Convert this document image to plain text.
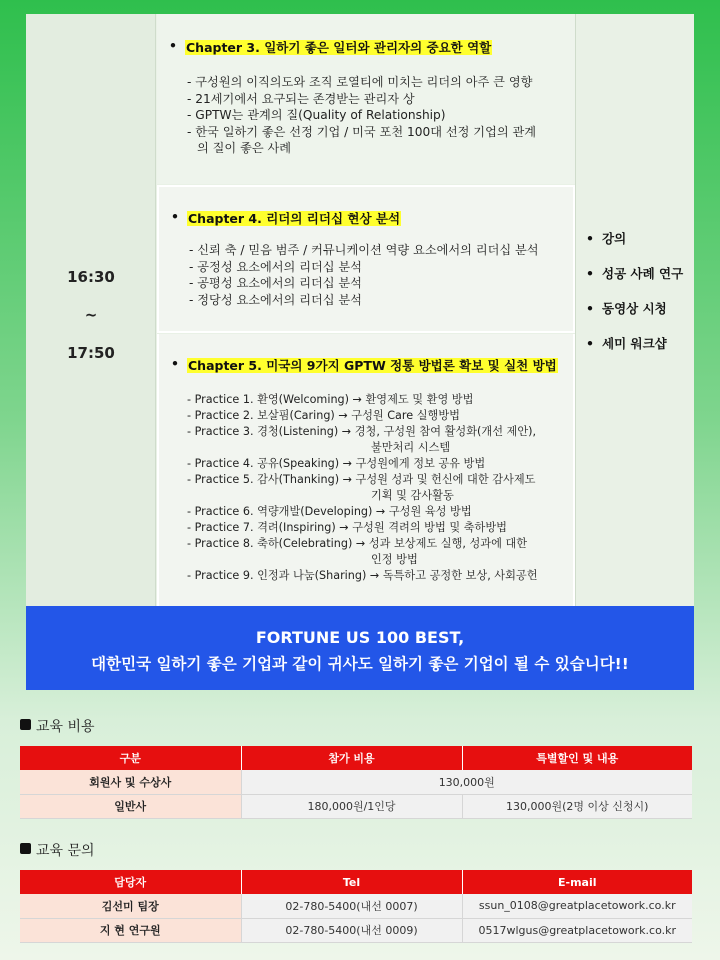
16:30
~
17:50
• Chapter 3. 일하기 좋은 일터와 관리자의 중요한 역할
- 구성원의 이직의도와 조직 로열티에 미치는 리더의 아주 큰 영향
- 21세기에서 요구되는 존경받는 관리자 상
- GPTW는 관계의 질(Quality of Relationship)
- 한국 일하기 좋은 선정 기업 / 미국 포천 100대 선정 기업의 관계
의 질이 좋은 사례
• Chapter 4. 리더의 리더십 현상 분석
- 신뢰 축 / 믿음 범주 / 커뮤니케이션 역량 요소에서의 리더십 분석
- 공정성 요소에서의 리더십 분석
- 공평성 요소에서의 리더십 분석
- 정당성 요소에서의 리더십 분석
• Chapter 5. 미국의 9가지 GPTW 정통 방법론 확보 및 실천 방법
- Practice 1. 환영(Welcoming) → 환영제도 및 환영 방법
- Practice 2. 보살핌(Caring) → 구성원 Care 실행방법
- Practice 3. 경청(Listening) → 경청, 구성원 참여 활성화(개선 제안),
불만처리 시스템
- Practice 4. 공유(Speaking) → 구성원에게 정보 공유 방법
- Practice 5. 감사(Thanking) → 구성원 성과 및 헌신에 대한 감사제도
기획 및 감사활동
- Practice 6. 역량개발(Developing) → 구성원 육성 방법
- Practice 7. 격려(Inspiring) → 구성원 격려의 방법 및 축하방법
- Practice 8. 축하(Celebrating) → 성과 보상제도 실행, 성과에 대한
인정 방법
- Practice 9. 인정과 나눔(Sharing) → 독특하고 공정한 보상, 사회공헌
• 강의
• 성공 사례 연구
• 동영상 시청
• 세미 워크샵
FORTUNE US 100 BEST,
대한민국 일하기 좋은 기업과 같이 귀사도 일하기 좋은 기업이 될 수 있습니다!!
교육 비용
구분	참가 비용	특별할인 및 내용
회원사 및 수상사	130,000원	
일반사	180,000원/1인당	130,000원(2명 이상 신청시)
교육 문의
담당자	Tel	E-mail
김선미 팀장	02-780-5400(내선 0007)	ssun_0108@greatplacetowork.co.kr
지 현 연구원	02-780-5400(내선 0009)	0517wlgus@greatplacetowork.co.kr
